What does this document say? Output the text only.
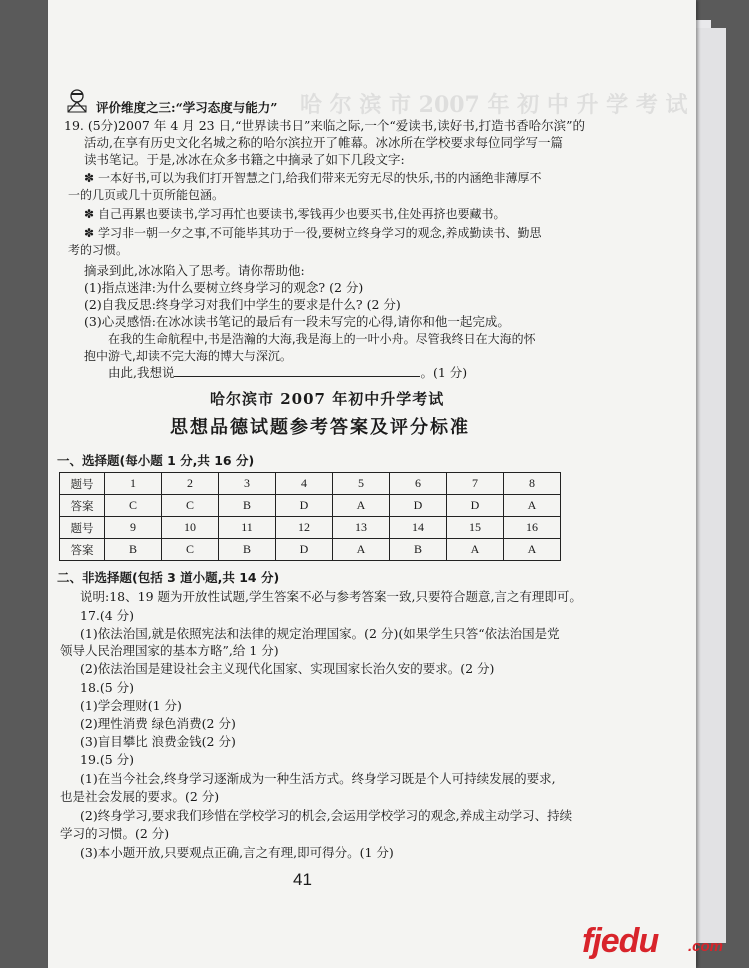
哈 尔 滨 市 2007 年 初 中 升 学 考 试
评价维度之三:“学习态度与能力”
19. (5分)2007 年 4 月 23 日,“世界读书日”来临之际,一个“爱读书,读好书,打造书香哈尔滨”的
活动,在享有历史文化名城之称的哈尔滨拉开了帷幕。冰冰所在学校要求每位同学写一篇
读书笔记。于是,冰冰在众多书籍之中摘录了如下几段文字:
✽ 一本好书,可以为我们打开智慧之门,给我们带来无穷无尽的快乐,书的内涵绝非薄厚不
一的几页或几十页所能包涵。
✽ 自己再累也要读书,学习再忙也要读书,零钱再少也要买书,住处再挤也要藏书。
✽ 学习非一朝一夕之事,不可能毕其功于一役,要树立终身学习的观念,养成勤读书、勤思
考的习惯。
摘录到此,冰冰陷入了思考。请你帮助他:
(1)指点迷津:为什么要树立终身学习的观念? (2 分)
(2)自我反思:终身学习对我们中学生的要求是什么? (2 分)
(3)心灵感悟:在冰冰读书笔记的最后有一段未写完的心得,请你和他一起完成。
在我的生命航程中,书是浩瀚的大海,我是海上的一叶小舟。尽管我终日在大海的怀
抱中游弋,却读不完大海的博大与深沉。
由此,我想说	。(1 分)
哈尔滨市 2007 年初中升学考试
思想品德试题参考答案及评分标准
一、选择题(每小题 1 分,共 16 分)
题号	1	2	3	4	5	6	7	8
答案	C	C	B	D	A	D	D	A
题号	9	10	11	12	13	14	15	16
答案	B	C	B	D	A	B	A	A
二、非选择题(包括 3 道小题,共 14 分)
说明:18、19 题为开放性试题,学生答案不必与参考答案一致,只要符合题意,言之有理即可。
17.(4 分)
(1)依法治国,就是依照宪法和法律的规定治理国家。(2 分)(如果学生只答“依法治国是党
领导人民治理国家的基本方略”,给 1 分)
(2)依法治国是建设社会主义现代化国家、实现国家长治久安的要求。(2 分)
18.(5 分)
(1)学会理财(1 分)
(2)理性消费 绿色消费(2 分)
(3)盲目攀比 浪费金钱(2 分)
19.(5 分)
(1)在当今社会,终身学习逐渐成为一种生活方式。终身学习既是个人可持续发展的要求,
也是社会发展的要求。(2 分)
(2)终身学习,要求我们珍惜在学校学习的机会,会运用学校学习的观念,养成主动学习、持续
学习的习惯。(2 分)
(3)本小题开放,只要观点正确,言之有理,即可得分。(1 分)
41
fjedu .com
